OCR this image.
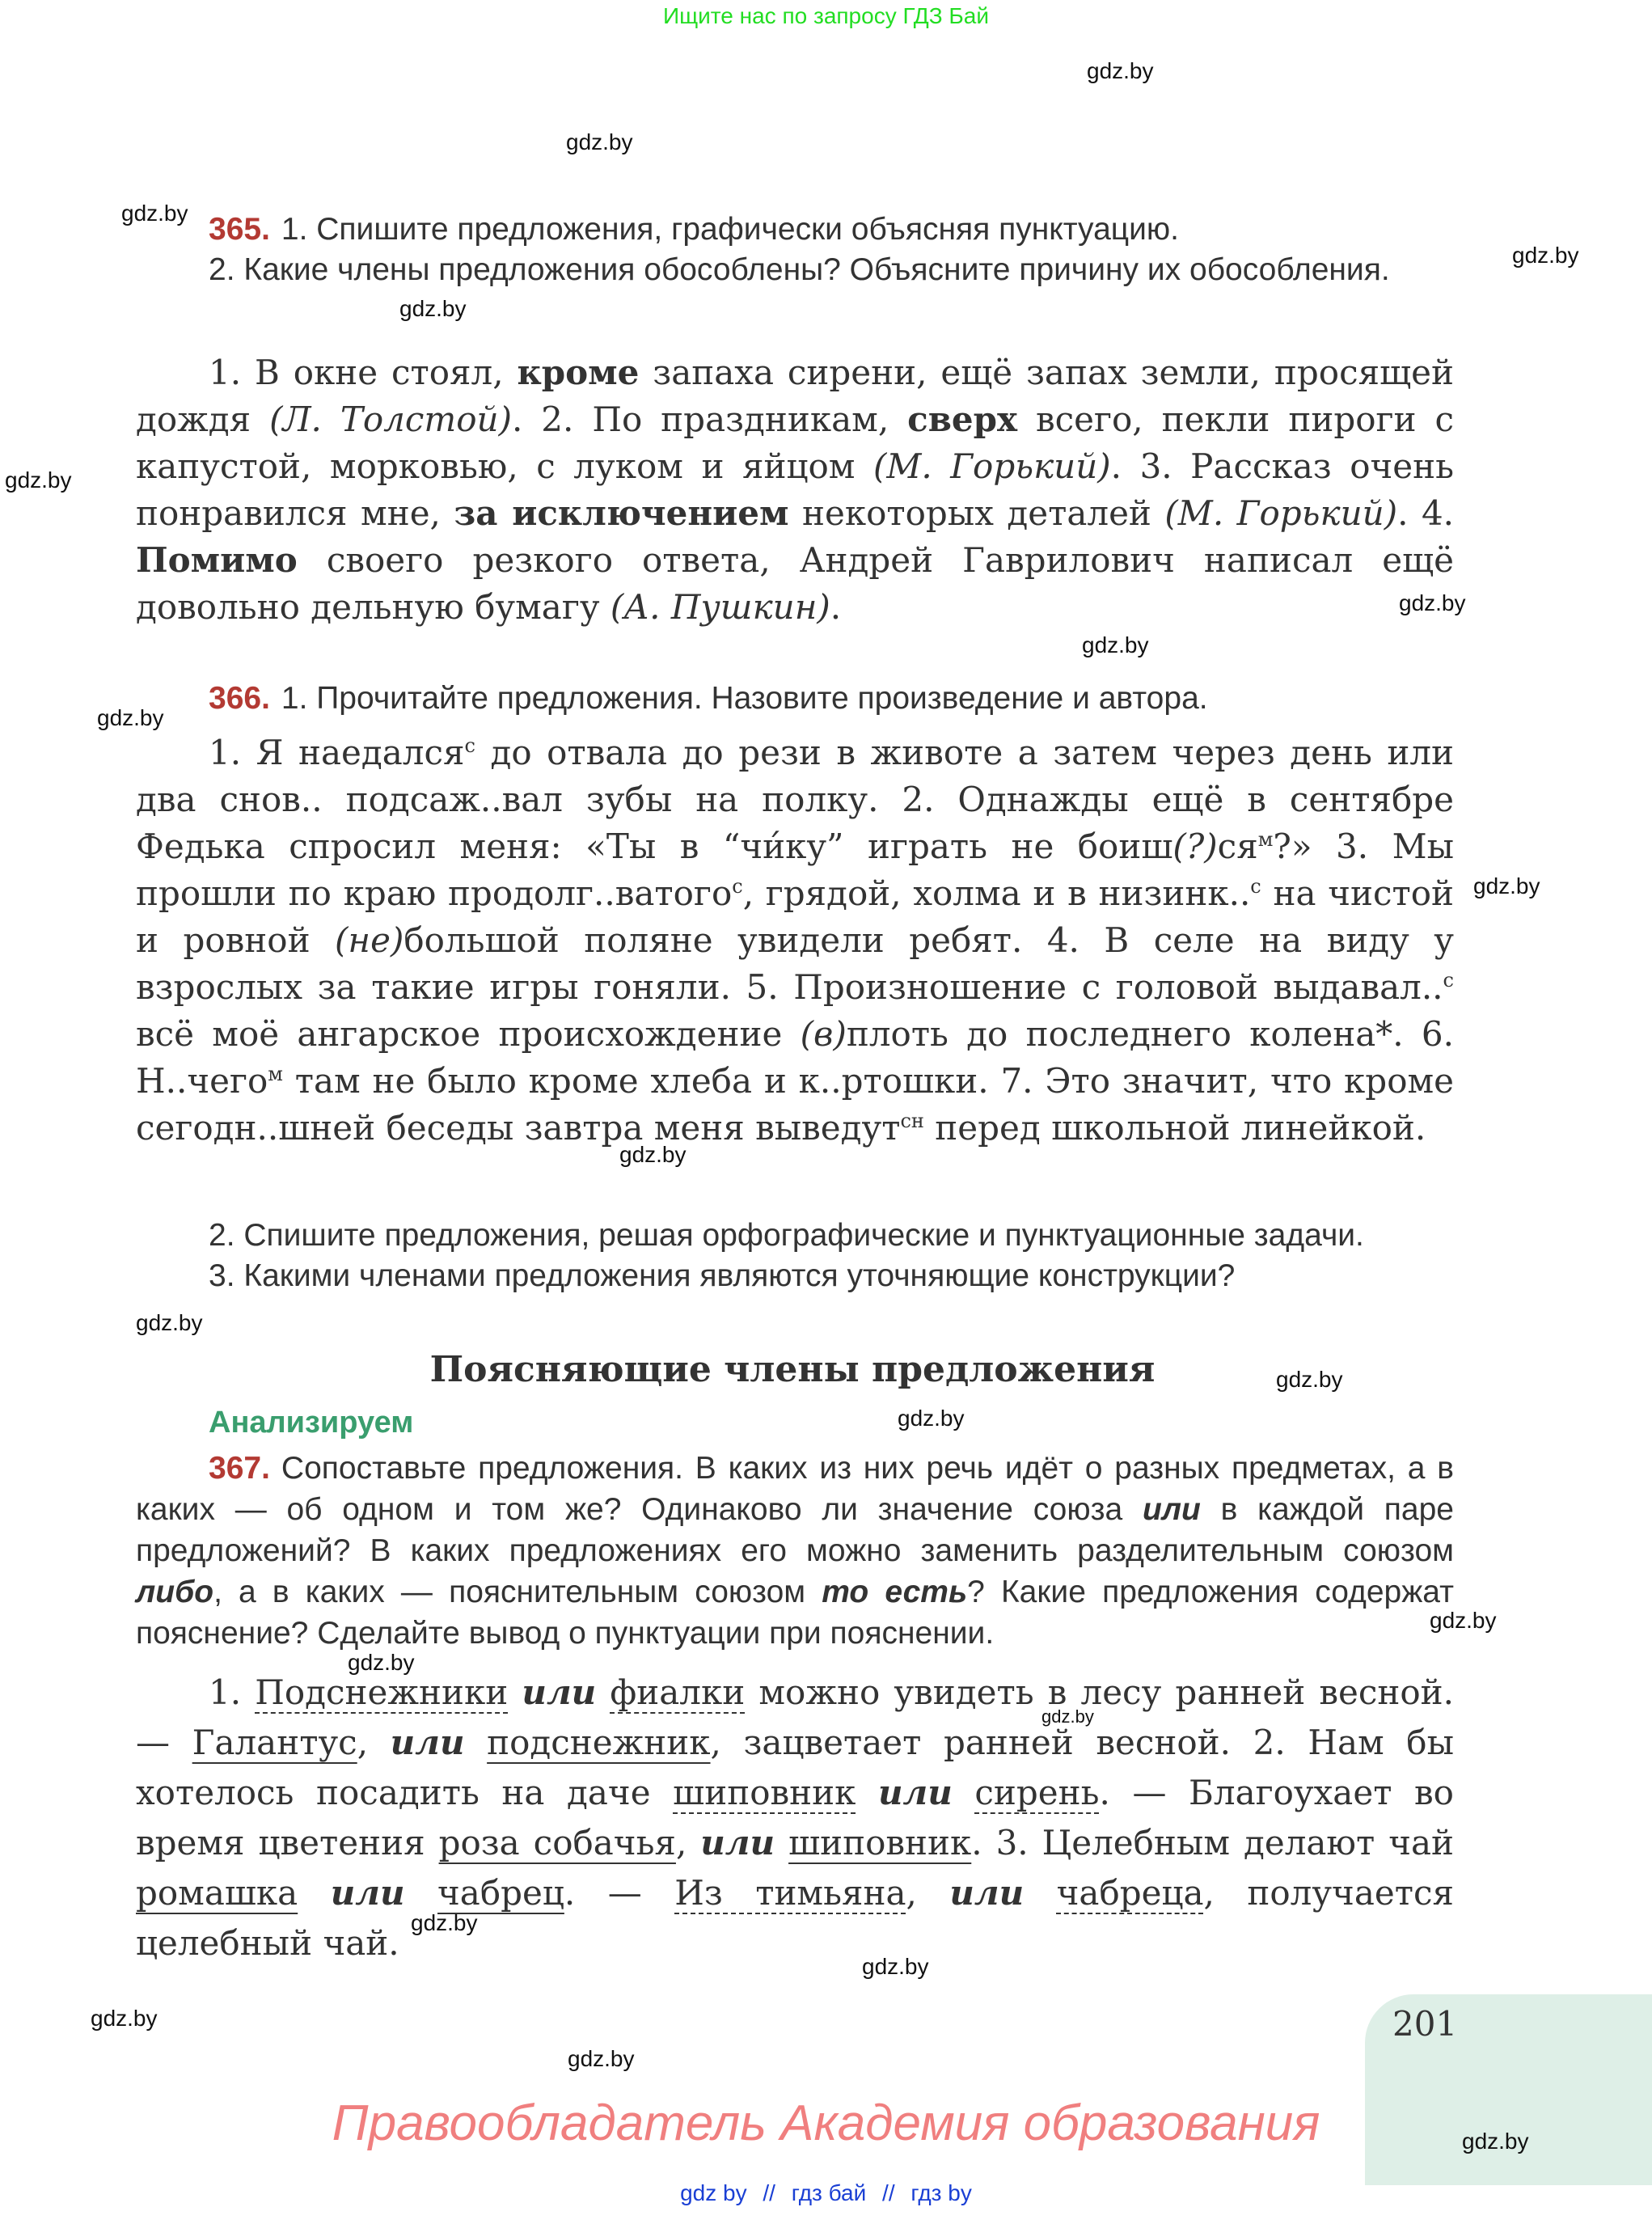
Ищите нас по запросу ГДЗ Бай
gdz.by
gdz.by
gdz.by
gdz.by
gdz.by
gdz.by
gdz.by
gdz.by
gdz.by
gdz.by
gdz.by
gdz.by
gdz.by
gdz.by
gdz.by
gdz.by
gdz.by
gdz.by
gdz.by
gdz.by
gdz.by
365. 1. Спишите предложения, графически объясняя пунктуацию.
2. Какие члены предложения обособлены? Объясните причину их обособления.
1. В окне стоял, кроме запаха сирени, ещё запах земли, просящей дождя (Л. Толстой). 2. По праздникам, сверх всего, пекли пироги с капустой, морковью, с луком и яйцом (М. Горький). 3. Рассказ очень понравился мне, за исключением некоторых деталей (М. Горький). 4. Помимо своего резкого ответа, Андрей Гаврилович написал ещё довольно дельную бумагу (А. Пушкин).
366. 1. Прочитайте предложения. Назовите произведение и автора.
1. Я наедался$^с$ до отвала до рези в животе а затем через день или два снов.. подсаж..вал зубы на полку. 2. Однажды ещё в сентябре Федька спросил меня: «Ты в “чи́ку” играть не $боиш(?)ся^м$?» 3. Мы прошли по краю продолг..ватого$^с$, грядой, холма и в низинк..$^с$ на чистой и ровной (не)большой поляне увидели ребят. 4. В селе на виду у взрослых за такие игры гоняли. 5. Произношение с головой выдавал..$^с$ всё моё ангарское происхождение (в)плоть до последнего колена*. 6. Н..чего$^м$ там не было кроме хлеба и к..ртошки. 7. Это значит, что кроме сегодн..шней беседы завтра меня выведут$^{сн}$ перед школьной линейкой.
2. Спишите предложения, решая орфографические и пунктуационные задачи.
3. Какими членами предложения являются уточняющие конструкции?
Поясняющие члены предложения
Анализируем
367. Сопоставьте предложения. В каких из них речь идёт о разных предметах, а в каких — об одном и том же? Одинаково ли значение союза или в каждой паре предложений? В каких предложениях его можно заменить разделительным союзом либо, а в каких — пояснительным союзом то есть? Какие предложения содержат пояснение? Сделайте вывод о пунктуации при пояснении.
1. Подснежники или фиалки можно увидеть в лесу ранней весной. — Галантус, или подснежник, зацветает ранней весной. 2. Нам бы хотелось посадить на даче шиповник или сирень. — Благоухает во время цветения роза собачья, или шиповник. 3. Целебным делают чай ромашка или чабрец. — Из тимьяна, или чабреца, получается целебный чай.
201
gdz.by
Правообладатель Академия образования
gdz by // гдз бай // гдз by
